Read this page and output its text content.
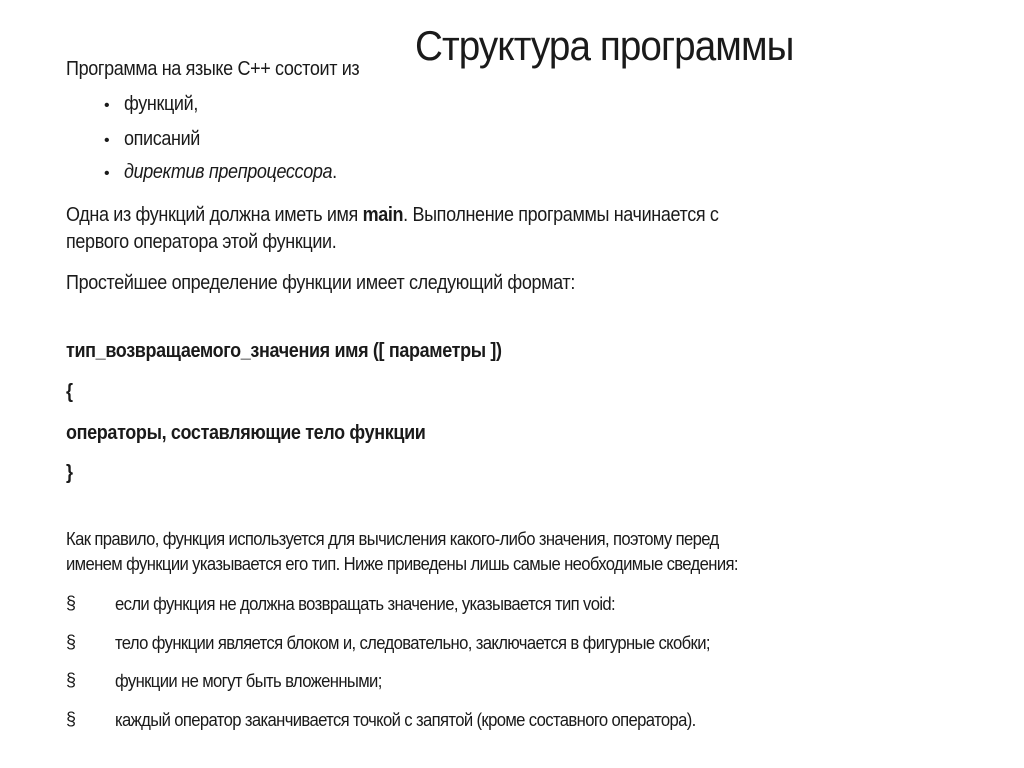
Структура программы
Программа на языке С++ состоит из
• функций,
• описаний
• директив препроцессора.
Одна из функций должна иметь имя main. Выполнение программы начинается с
первого оператора этой функции.
Простейшее определение функции имеет следующий формат:
тип_возвращаемого_значения имя ([ параметры ])
{
операторы, составляющие тело функции
}
Как правило, функция используется для вычисления какого-либо значения, поэтому перед
именем функции указывается его тип. Ниже приведены лишь самые необходимые сведения:
§ если функция не должна возвращать значение, указывается тип void:
§ тело функции является блоком и, следовательно, заключается в фигурные скобки;
§ функции не могут быть вложенными;
§ каждый оператор заканчивается точкой с запятой (кроме составного оператора).
